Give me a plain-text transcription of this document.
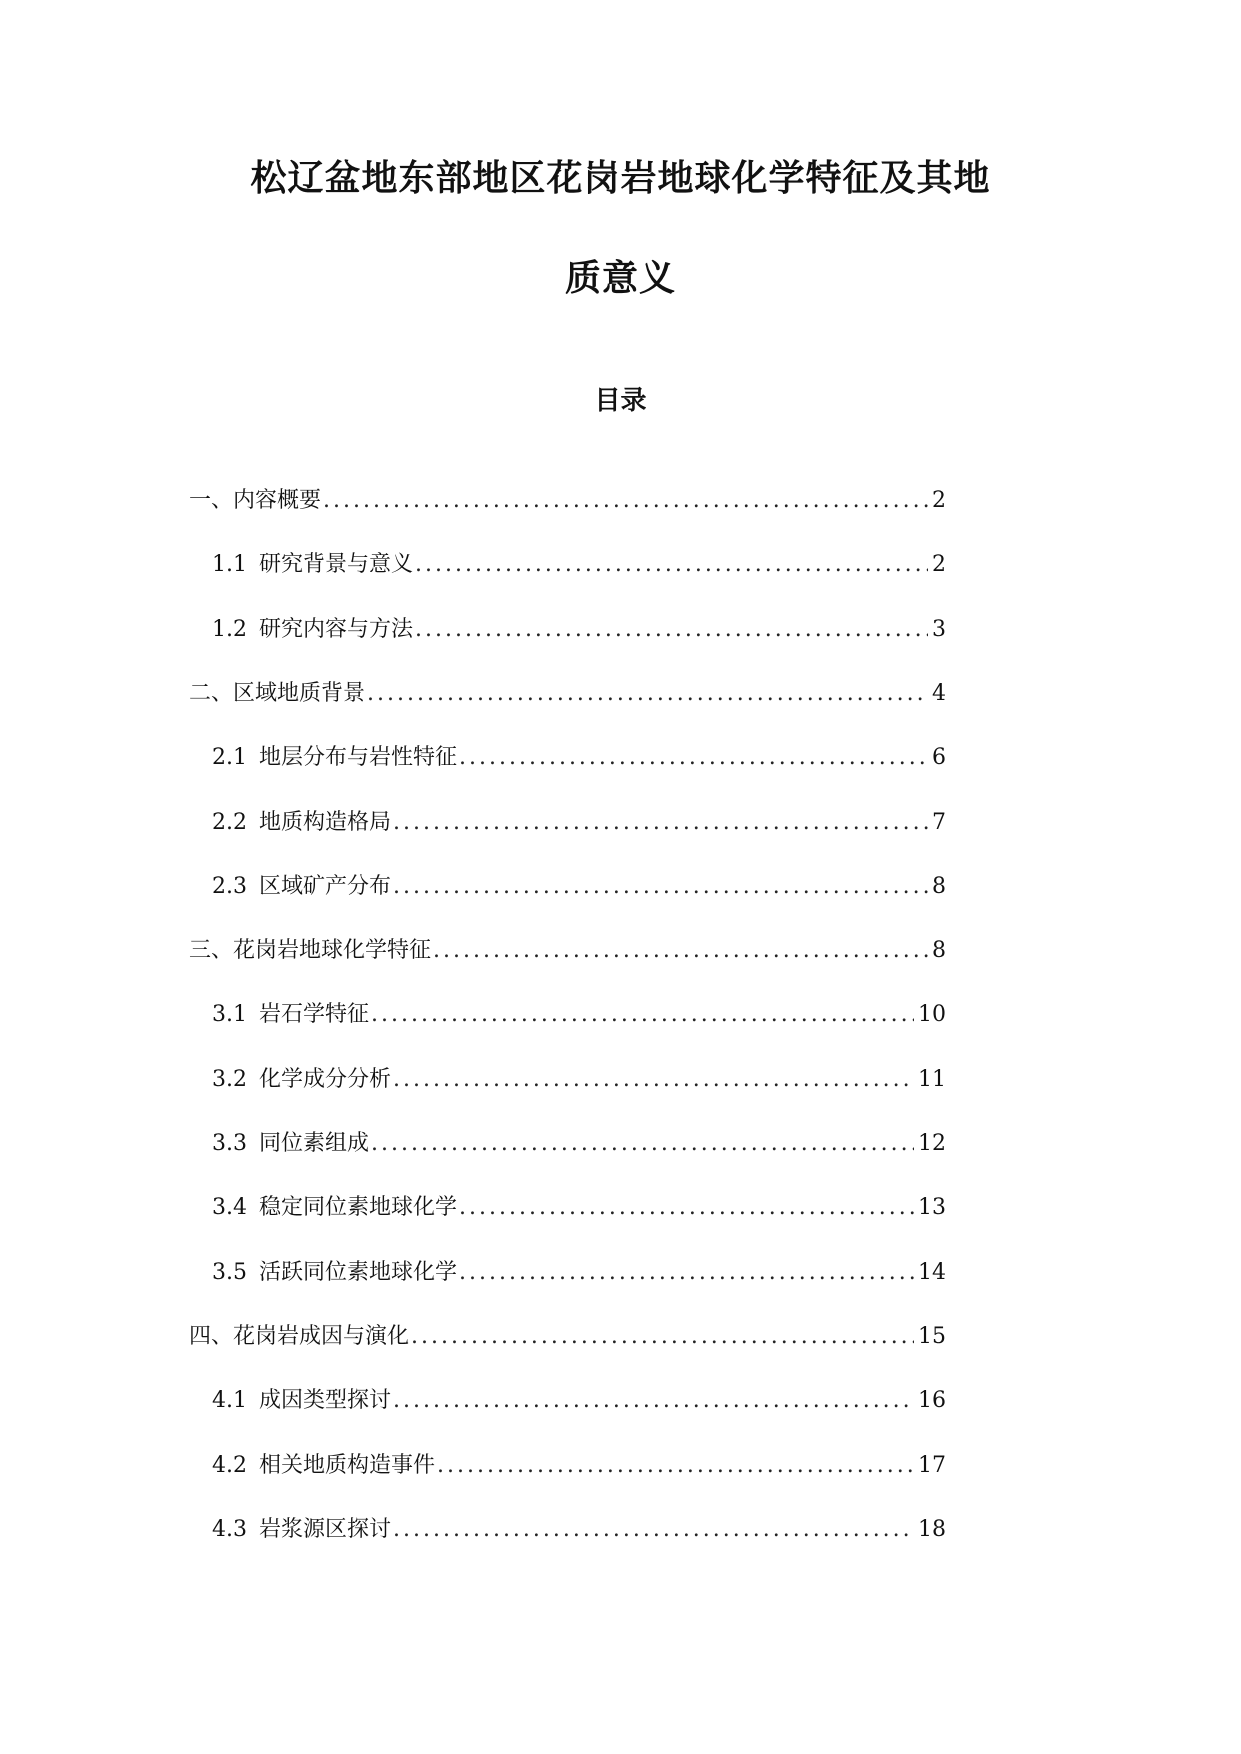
松辽盆地东部地区花岗岩地球化学特征及其地
质意义
目录
一、内容概要 .....	2
1.1 研究背景与意义 .....	2
1.2 研究内容与方法 .....	3
二、区域地质背景 .....	4
2.1 地层分布与岩性特征 .....	6
2.2 地质构造格局 .....	7
2.3 区域矿产分布 .....	8
三、花岗岩地球化学特征 .....	8
3.1 岩石学特征 .....	10
3.2 化学成分分析 .....	11
3.3 同位素组成 .....	12
3.4 稳定同位素地球化学 .....	13
3.5 活跃同位素地球化学 .....	14
四、花岗岩成因与演化 .....	15
4.1 成因类型探讨 .....	16
4.2 相关地质构造事件 .....	17
4.3 岩浆源区探讨 .....	18
